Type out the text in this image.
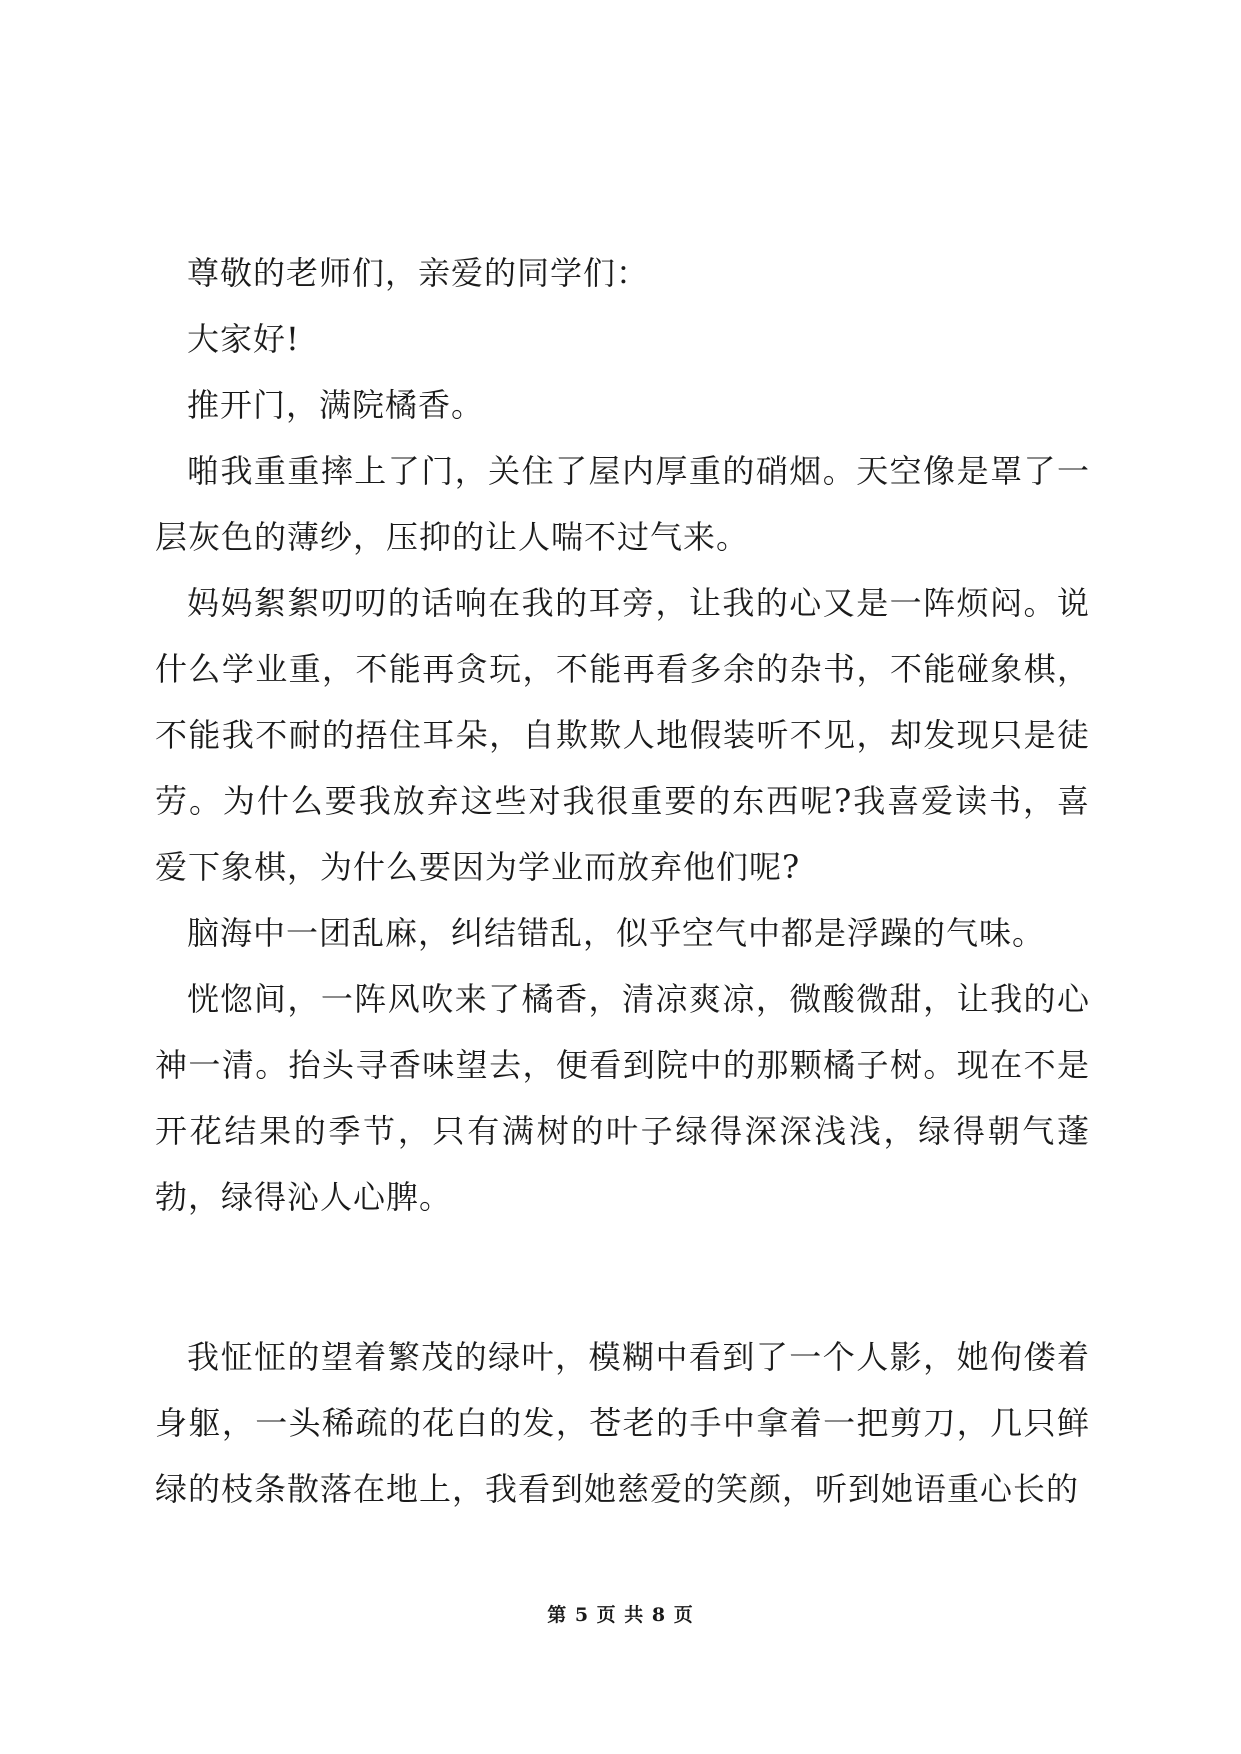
尊敬的老师们，亲爱的同学们：

大家好!

推开门，满院橘香。

啪我重重摔上了门，关住了屋内厚重的硝烟。天空像是罩了一层灰色的薄纱，压抑的让人喘不过气来。

妈妈絮絮叨叨的话响在我的耳旁，让我的心又是一阵烦闷。说什么学业重，不能再贪玩，不能再看多余的杂书，不能碰象棋，不能我不耐的捂住耳朵，自欺欺人地假装听不见，却发现只是徒劳。为什么要我放弃这些对我很重要的东西呢?我喜爱读书，喜爱下象棋，为什么要因为学业而放弃他们呢?

脑海中一团乱麻，纠结错乱，似乎空气中都是浮躁的气味。

恍惚间，一阵风吹来了橘香，清凉爽凉，微酸微甜，让我的心神一清。抬头寻香味望去，便看到院中的那颗橘子树。现在不是开花结果的季节，只有满树的叶子绿得深深浅浅，绿得朝气蓬勃，绿得沁人心脾。

我怔怔的望着繁茂的绿叶，模糊中看到了一个人影，她佝偻着身躯，一头稀疏的花白的发，苍老的手中拿着一把剪刀，几只鲜绿的枝条散落在地上，我看到她慈爱的笑颜，听到她语重心长的

第 5 页 共 8 页
